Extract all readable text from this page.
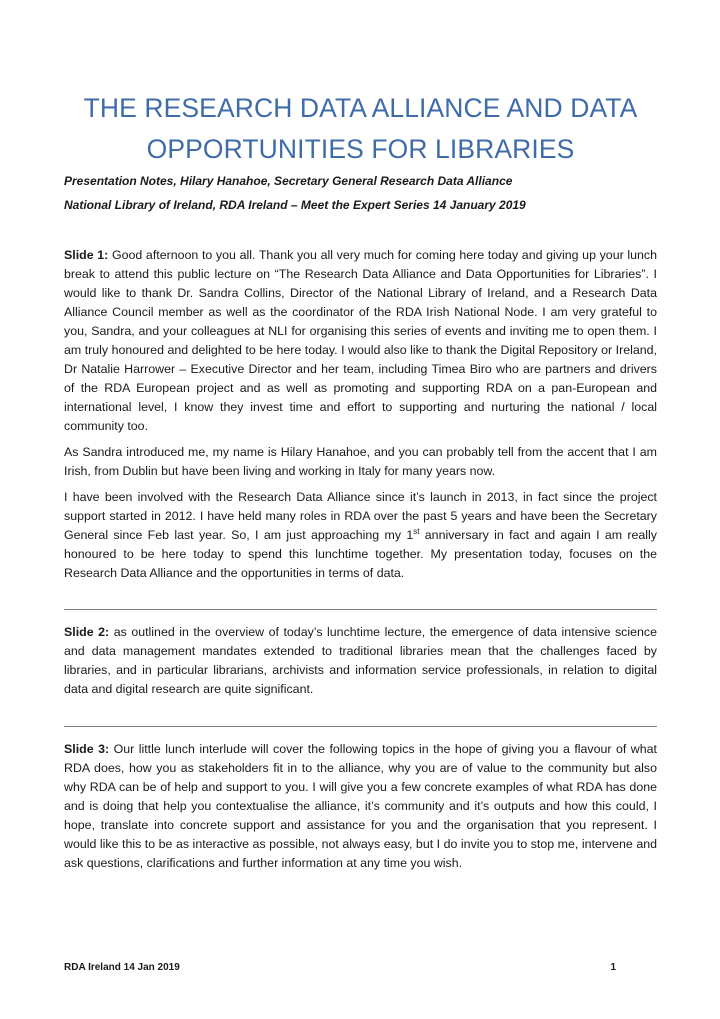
THE RESEARCH DATA ALLIANCE AND DATA
OPPORTUNITIES FOR LIBRARIES

Presentation Notes, Hilary Hanahoe, Secretary General Research Data Alliance

National Library of Ireland, RDA Ireland – Meet the Expert Series 14 January 2019

Slide 1: Good afternoon to you all. Thank you all very much for coming here today and giving up your lunch break to attend this public lecture on “The Research Data Alliance and Data Opportunities for Libraries”. I would like to thank Dr. Sandra Collins, Director of the National Library of Ireland, and a Research Data Alliance Council member as well as the coordinator of the RDA Irish National Node. I am very grateful to you, Sandra, and your colleagues at NLI for organising this series of events and inviting me to open them. I am truly honoured and delighted to be here today. I would also like to thank the Digital Repository or Ireland, Dr Natalie Harrower – Executive Director and her team, including Timea Biro who are partners and drivers of the RDA European project and as well as promoting and supporting RDA on a pan-European and international level, I know they invest time and effort to supporting and nurturing the national / local community too.

As Sandra introduced me, my name is Hilary Hanahoe, and you can probably tell from the accent that I am Irish, from Dublin but have been living and working in Italy for many years now.

I have been involved with the Research Data Alliance since it’s launch in 2013, in fact since the project support started in 2012. I have held many roles in RDA over the past 5 years and have been the Secretary General since Feb last year. So, I am just approaching my 1st anniversary in fact and again I am really honoured to be here today to spend this lunchtime together. My presentation today, focuses on the Research Data Alliance and the opportunities in terms of data.

Slide 2: as outlined in the overview of today’s lunchtime lecture, the emergence of data intensive science and data management mandates extended to traditional libraries mean that the challenges faced by libraries, and in particular librarians, archivists and information service professionals, in relation to digital data and digital research are quite significant.

Slide 3: Our little lunch interlude will cover the following topics in the hope of giving you a flavour of what RDA does, how you as stakeholders fit in to the alliance, why you are of value to the community but also why RDA can be of help and support to you. I will give you a few concrete examples of what RDA has done and is doing that help you contextualise the alliance, it’s community and it’s outputs and how this could, I hope, translate into concrete support and assistance for you and the organisation that you represent. I would like this to be as interactive as possible, not always easy, but I do invite you to stop me, intervene and ask questions, clarifications and further information at any time you wish.

RDA Ireland 14 Jan 2019	1
